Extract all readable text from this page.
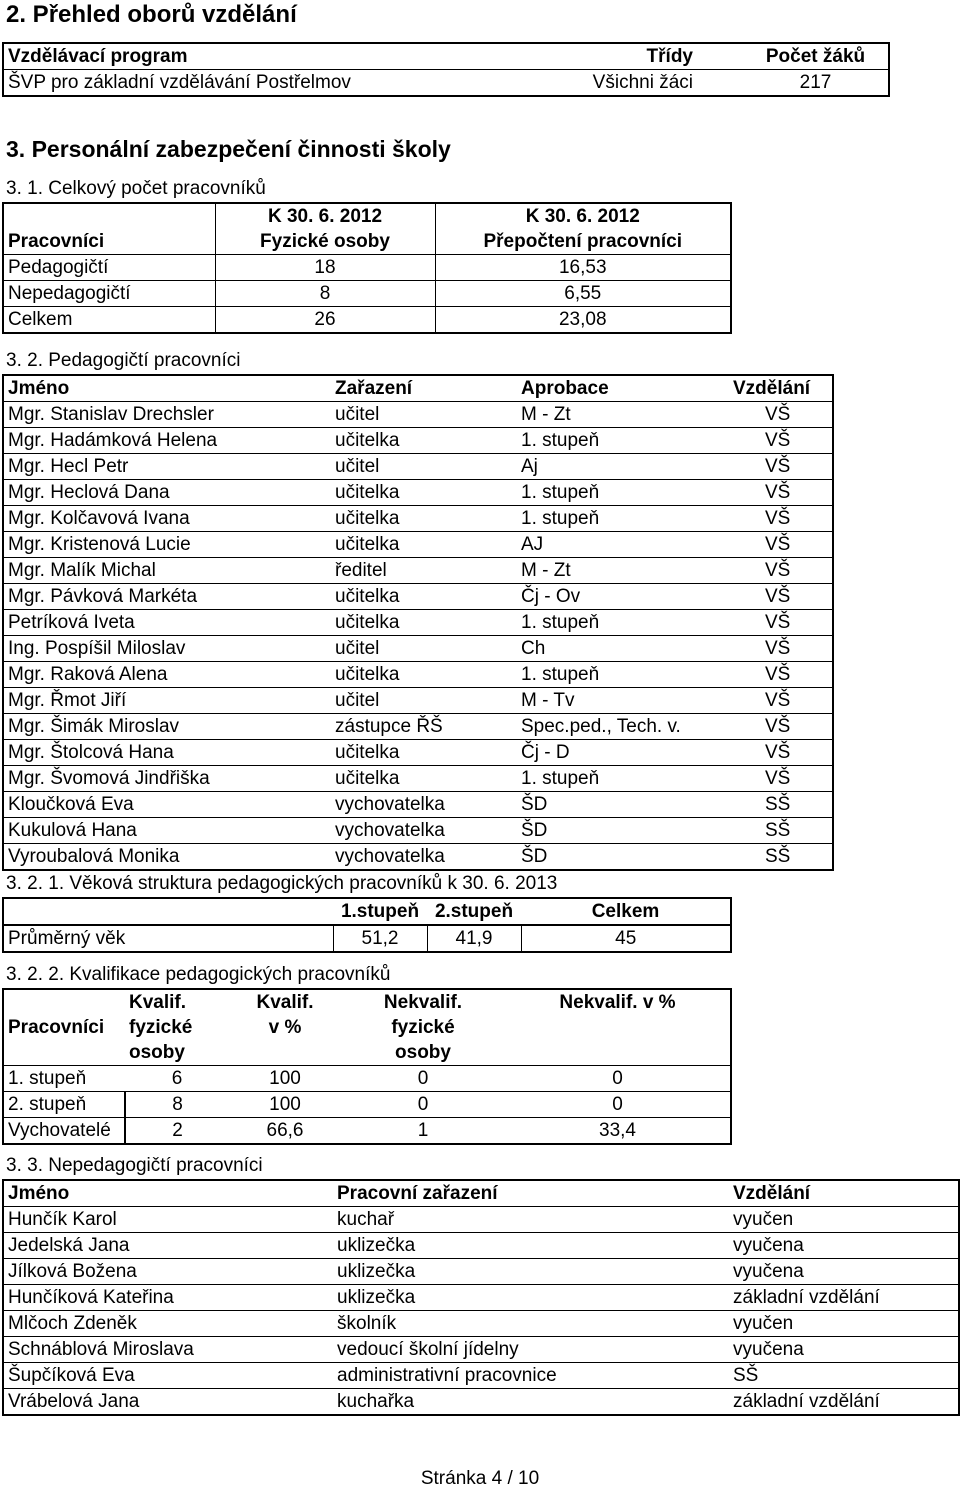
2. Přehled oborů vzdělání
Vzdělávací program	Třídy	Počet žáků
ŠVP pro základní vzdělávání Postřelmov	Všichni žáci	217
3. Personální zabezpečení činnosti školy
3. 1. Celkový počet pracovníků
	K 30. 6. 2012	K 30. 6. 2012
Pracovníci	Fyzické osoby	Přepočtení pracovníci
Pedagogičtí	18	16,53
Nepedagogičtí	8	6,55
Celkem	26	23,08
3. 2. Pedagogičtí pracovníci
Jméno	Zařazení	Aprobace	Vzdělání
Mgr. Stanislav Drechsler	učitel	M - Zt	VŠ
Mgr. Hadámková Helena	učitelka	1. stupeň	VŠ
Mgr. Hecl Petr	učitel	Aj	VŠ
Mgr. Heclová Dana	učitelka	1. stupeň	VŠ
Mgr. Kolčavová Ivana	učitelka	1. stupeň	VŠ
Mgr. Kristenová Lucie	učitelka	AJ	VŠ
Mgr. Malík Michal	ředitel	M - Zt	VŠ
Mgr. Pávková Markéta	učitelka	Čj - Ov	VŠ
Petríková Iveta	učitelka	1. stupeň	VŠ
Ing. Pospíšil Miloslav	učitel	Ch	VŠ
Mgr. Raková Alena	učitelka	1. stupeň	VŠ
Mgr. Řmot Jiří	učitel	M - Tv	VŠ
Mgr. Šimák Miroslav	zástupce ŘŠ	Spec.ped., Tech. v.	VŠ
Mgr. Štolcová Hana	učitelka	Čj - D	VŠ
Mgr. Švomová Jindřiška	učitelka	1. stupeň	VŠ
Kloučková Eva	vychovatelka	ŠD	SŠ
Kukulová Hana	vychovatelka	ŠD	SŠ
Vyroubalová Monika	vychovatelka	ŠD	SŠ
3. 2. 1. Věková struktura pedagogických pracovníků k 30. 6. 2013
	1.stupeň	2.stupeň	Celkem
Průměrný věk	51,2	41,9	45
3. 2. 2. Kvalifikace pedagogických pracovníků
	Kvalif.	Kvalif.	Nekvalif.	Nekvalif. v %
Pracovníci	fyzické	v %	fyzické	
	osoby		osoby	
1. stupeň	6	100	0	0
2. stupeň	8	100	0	0
Vychovatelé	2	66,6	1	33,4
3. 3. Nepedagogičtí pracovníci
Jméno	Pracovní zařazení	Vzdělání
Hunčík Karol	kuchař	vyučen
Jedelská Jana	uklizečka	vyučena
Jílková Božena	uklizečka	vyučena
Hunčíková Kateřina	uklizečka	základní vzdělání
Mlčoch Zdeněk	školník	vyučen
Schnáblová Miroslava	vedoucí školní jídelny	vyučena
Šupčíková Eva	administrativní pracovnice	SŠ
Vrábelová Jana	kuchařka	základní vzdělání
Stránka 4 / 10
